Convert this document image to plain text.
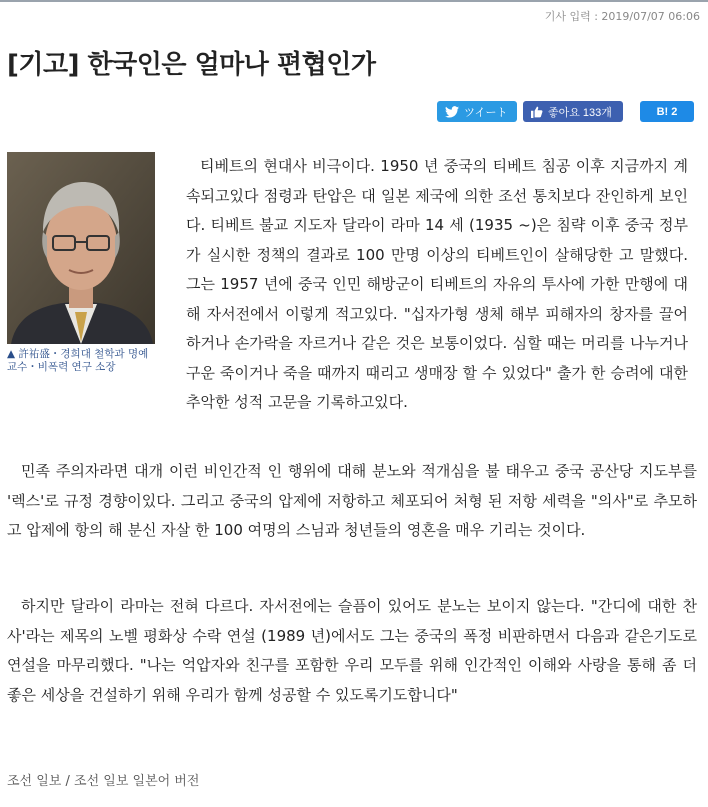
기사 입력 : 2019/07/07 06:06
[기고] 한국인은 얼마나 편협인가
ツイート	좋아요 133개	B! 2
▲ 許祐盛・경희대 철학과 명예 교수・비폭력 연구 소장

티베트의 현대사 비극이다. 1950 년 중국의 티베트 침공 이후 지금까지 계속되고있다 점령과 탄압은 대 일본 제국에 의한 조선 통치보다 잔인하게 보인다. 티베트 불교 지도자 달라이 라마 14 세 (1935 ~)은 침략 이후 중국 정부가 실시한 정책의 결과로 100 만명 이상의 티베트인이 살해당한 고 말했다. 그는 1957 년에 중국 인민 해방군이 티베트의 자유의 투사에 가한 만행에 대해 자서전에서 이렇게 적고있다. "십자가형 생체 해부 피해자의 창자를 끌어하거나 손가락을 자르거나 같은 것은 보통이었다. 심할 때는 머리를 나누거나 구운 죽이거나 죽을 때까지 때리고 생매장 할 수 있었다" 출가 한 승려에 대한 추악한 성적 고문을 기록하고있다.

민족 주의자라면 대개 이런 비인간적 인 행위에 대해 분노와 적개심을 불 태우고 중국 공산당 지도부를 '렉스'로 규정 경향이있다. 그리고 중국의 압제에 저항하고 체포되어 처형 된 저항 세력을 "의사"로 추모하고 압제에 항의 해 분신 자살 한 100 여명의 스님과 청년들의 영혼을 매우 기리는 것이다.

하지만 달라이 라마는 전혀 다르다. 자서전에는 슬픔이 있어도 분노는 보이지 않는다. "간디에 대한 찬사'라는 제목의 노벨 평화상 수락 연설 (1989 년)에서도 그는 중국의 폭정 비판하면서 다음과 같은기도로 연설을 마무리했다. "나는 억압자와 친구를 포함한 우리 모두를 위해 인간적인 이해와 사랑을 통해 좀 더 좋은 세상을 건설하기 위해 우리가 함께 성공할 수 있도록기도합니다"

조선 일보 / 조선 일보 일본어 버전
